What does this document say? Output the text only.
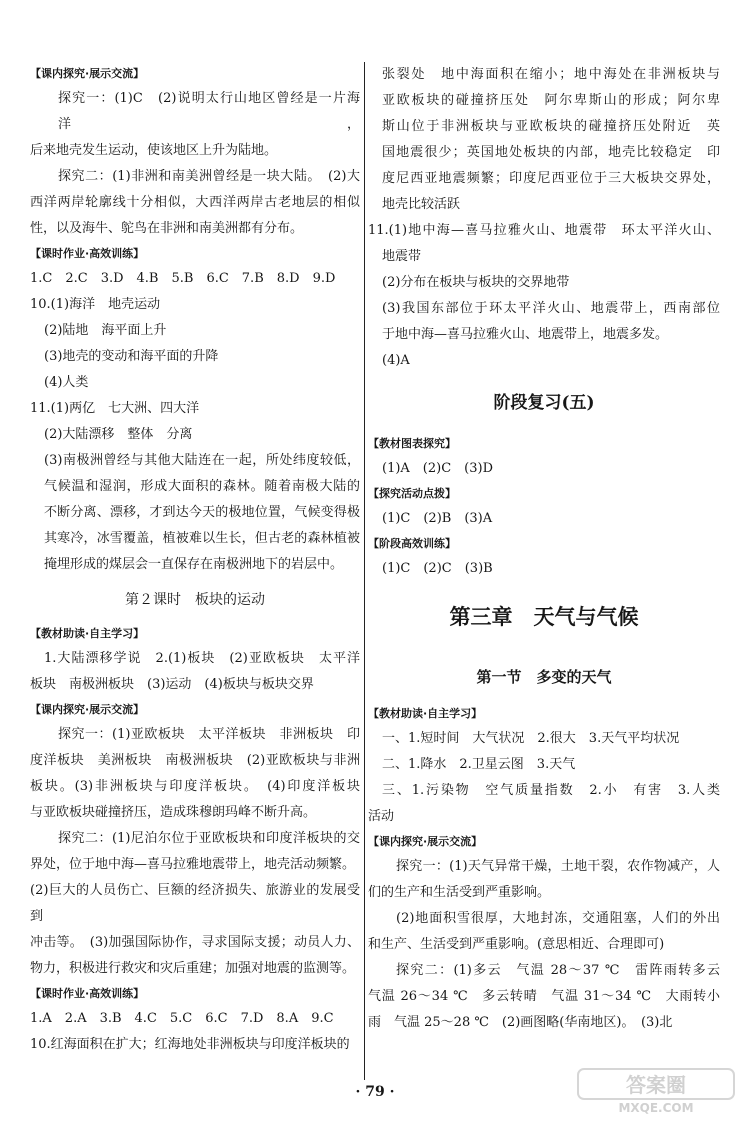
【课内探究·展示交流】
探究一：(1)C　(2)说明太行山地区曾经是一片海洋，
后来地壳发生运动，使该地区上升为陆地。
探究二：(1)非洲和南美洲曾经是一块大陆。　(2)大
西洋两岸轮廓线十分相似，大西洋两岸古老地层的相似
性，以及海牛、鸵鸟在非洲和南美洲都有分布。
【课时作业·高效训练】
1.C　2.C　3.D　4.B　5.B　6.C　7.B　8.D　9.D
10.(1)海洋　地壳运动
(2)陆地　海平面上升
(3)地壳的变动和海平面的升降
(4)人类
11.(1)两亿　七大洲、四大洋
(2)大陆漂移　整体　分离
(3)南极洲曾经与其他大陆连在一起，所处纬度较低，
气候温和湿润，形成大面积的森林。随着南极大陆的
不断分离、漂移，才到达今天的极地位置，气候变得极
其寒冷，冰雪覆盖，植被难以生长，但古老的森林植被
掩埋形成的煤层会一直保存在南极洲地下的岩层中。
第２课时　板块的运动
【教材助读·自主学习】
1.大陆漂移学说　2.(1)板块　(2)亚欧板块　太平洋
板块　南极洲板块　(3)运动　(4)板块与板块交界
【课内探究·展示交流】
探究一：(1)亚欧板块　太平洋板块　非洲板块　印
度洋板块　美洲板块　南极洲板块　(2)亚欧板块与非洲
板块。(3)非洲板块与印度洋板块。　(4)印度洋板块
与亚欧板块碰撞挤压，造成珠穆朗玛峰不断升高。
探究二：(1)尼泊尔位于亚欧板块和印度洋板块的交
界处，位于地中海—喜马拉雅地震带上，地壳活动频繁。
(2)巨大的人员伤亡、巨额的经济损失、旅游业的发展受到
冲击等。　(3)加强国际协作，寻求国际支援；动员人力、
物力，积极进行救灾和灾后重建；加强对地震的监测等。
【课时作业·高效训练】
1.A　2.A　3.B　4.C　5.C　6.C　7.D　8.A　9.C
10.红海面积在扩大；红海地处非洲板块与印度洋板块的
张裂处　地中海面积在缩小；地中海处在非洲板块与
亚欧板块的碰撞挤压处　阿尔卑斯山的形成；阿尔卑
斯山位于非洲板块与亚欧板块的碰撞挤压处附近　英
国地震很少；英国地处板块的内部，地壳比较稳定　印
度尼西亚地震频繁；印度尼西亚位于三大板块交界处，
地壳比较活跃
11.(1)地中海—喜马拉雅火山、地震带　环太平洋火山、
地震带
(2)分布在板块与板块的交界地带
(3)我国东部位于环太平洋火山、地震带上，西南部位
于地中海—喜马拉雅火山、地震带上，地震多发。
(4)A
阶段复习(五)
【教材图表探究】
(1)A　(2)C　(3)D
【探究活动点拨】
(1)C　(2)B　(3)A
【阶段高效训练】
(1)C　(2)C　(3)B
第三章　天气与气候
第一节　多变的天气
【教材助读·自主学习】
一、1.短时间　大气状况　2.很大　3.天气平均状况
二、1.降水　2.卫星云图　3.天气
三、1.污染物　空气质量指数　2.小　有害　3.人类
活动
【课内探究·展示交流】
探究一：(1)天气异常干燥，土地干裂，农作物减产，人
们的生产和生活受到严重影响。
(2)地面积雪很厚，大地封冻，交通阻塞，人们的外出
和生产、生活受到严重影响。(意思相近、合理即可)
探究二：(1)多云　气温 28～37 ℃　雷阵雨转多云
气温 26～34 ℃　多云转晴　气温 31～34 ℃　大雨转小
雨　气温 25～28 ℃　(2)画图略(华南地区)。　(3)北
· 79 ·	答案圈
MXQE.COM
